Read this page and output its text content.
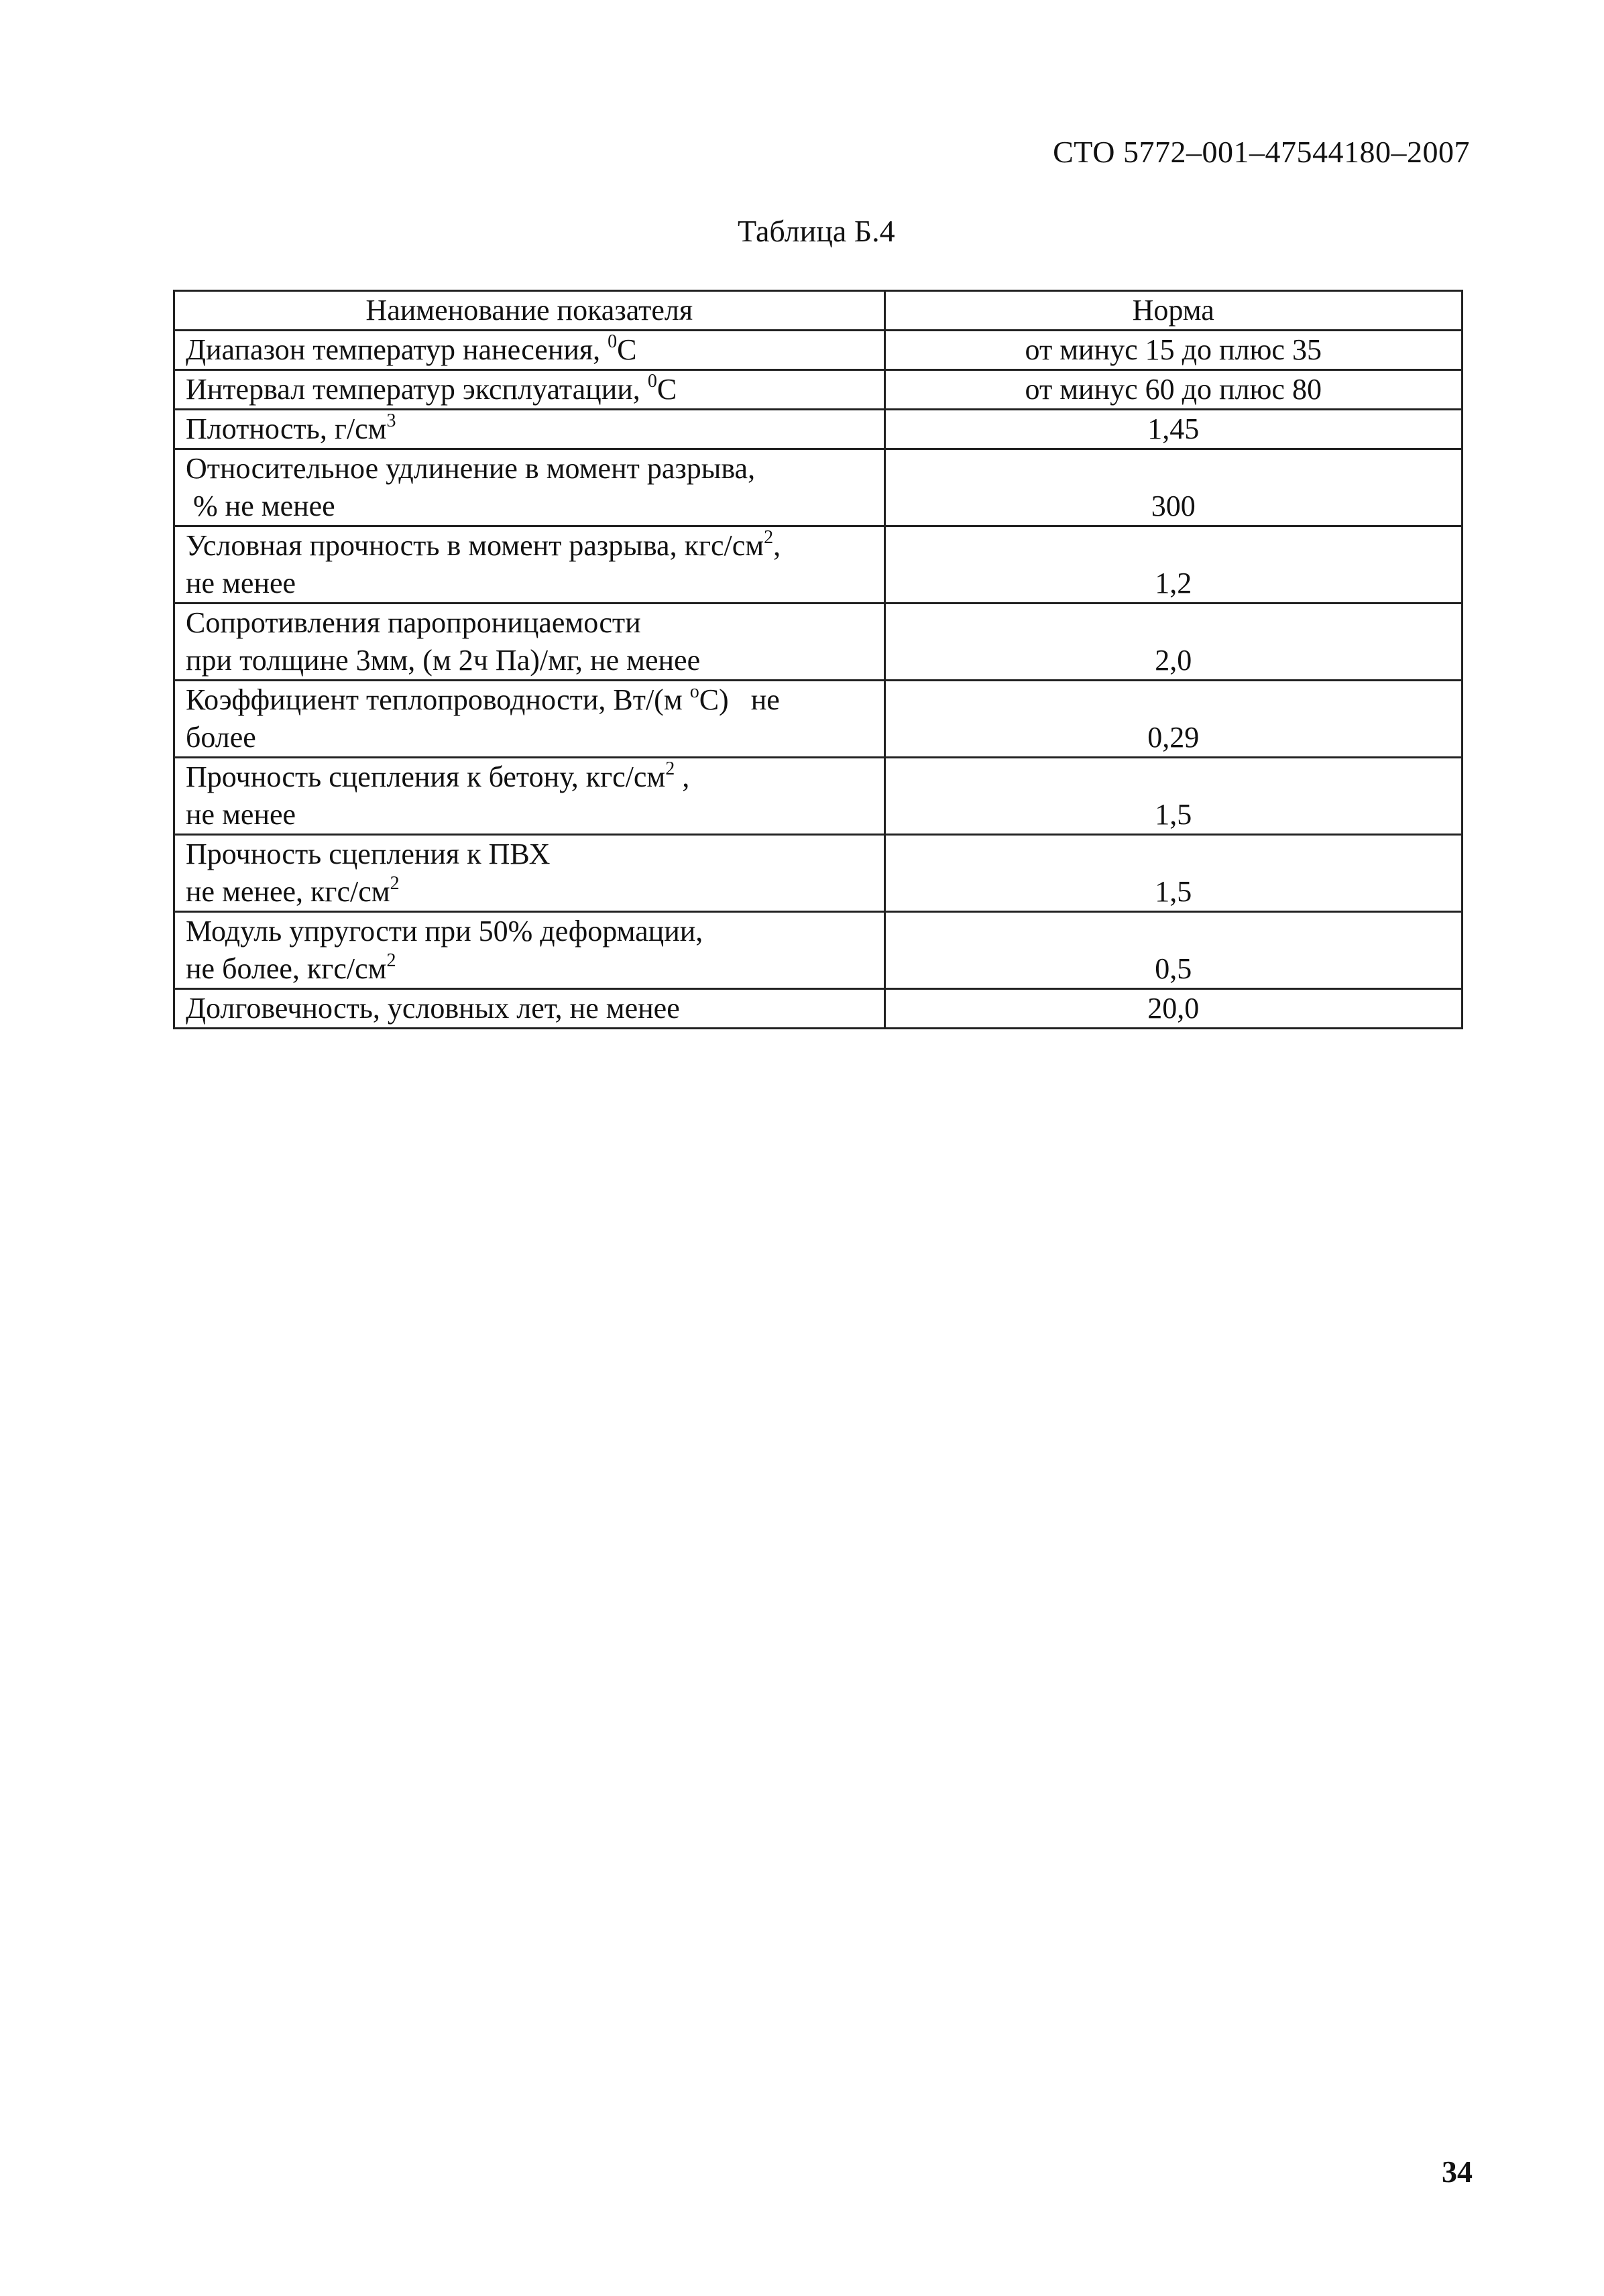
СТО 5772–001–47544180–2007
Таблица Б.4
Наименование показателя	Норма
Диапазон температур нанесения, $^0$С	от минус 15 до плюс 35
Интервал температур эксплуатации, $^0$С	от минус 60 до плюс 80
Плотность, $г/см^3$	1,45

Относительное удлинение в момент разрыва,
% не менее	300

Условная прочность в момент разрыва, кгс/$см^2$,
не менее	1,2

Сопротивления паропроницаемости
при толщине 3мм, (м 2ч Па)/мг, не менее	2,0

Коэффициент теплопроводности, Вт/(м $^о$С)   не
более	0,29

Прочность сцепления к бетону, кгс/$см^2$ ,
не менее	1,5

Прочность сцепления к ПВХ
не менее, кгс/$см^2$	1,5

Модуль упругости при 50% деформации,
не более, кгс/$см^2$	0,5
Долговечность, условных лет, не менее	20,0
34
